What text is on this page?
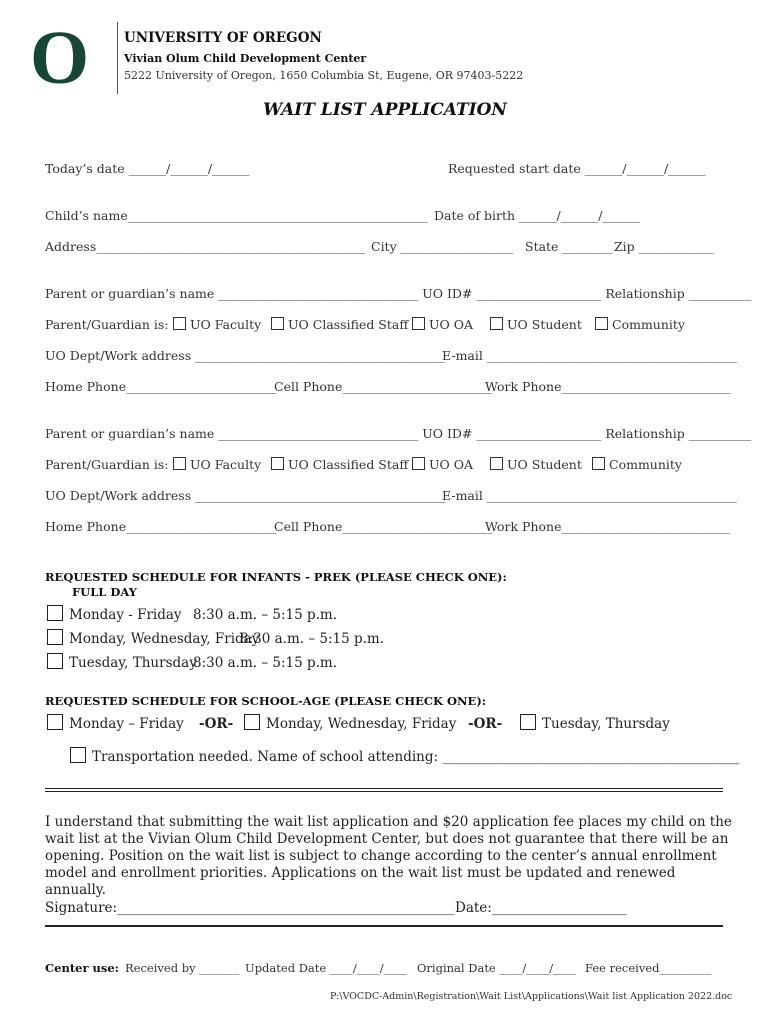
O	UNIVERSITY OF OREGON
Vivian Olum Child Development Center
5222 University of Oregon, 1650 Columbia St, Eugene, OR 97403-5222
WAIT LIST APPLICATION
Today’s date ______/______/______	Requested start date ______/______/______
Child’s name________________________________________________ Date of birth ______/______/______
Address___________________________________________ City __________________ State ________ Zip ____________
Parent or guardian’s name ________________________________ UO ID# ____________________ Relationship __________
Parent/Guardian is:	UO Faculty	UO Classified Staff	UO OA	UO Student	Community
UO Dept/Work address ________________________________________
E-mail ________________________________________
Home Phone________________________
Cell Phone________________________
Work Phone___________________________
Parent or guardian’s name ________________________________ UO ID# ____________________ Relationship __________
Parent/Guardian is:	UO Faculty	UO Classified Staff	UO OA	UO Student	Community
UO Dept/Work address ________________________________________
E-mail ________________________________________
Home Phone________________________
Cell Phone________________________
Work Phone___________________________
REQUESTED SCHEDULE FOR INFANTS - PREK (PLEASE CHECK ONE):
FULL DAY
Monday - Friday 8:30 a.m. – 5:15 p.m.
Monday, Wednesday, Friday
8:30 a.m. – 5:15 p.m.
Tuesday, Thursday
8:30 a.m. – 5:15 p.m.
REQUESTED SCHEDULE FOR SCHOOL-AGE (PLEASE CHECK ONE):
Monday – Friday -OR-	Monday, Wednesday, Friday -OR-	Tuesday, Thursday
Transportation needed. Name of school attending: ____________________________________________
I understand that submitting the wait list application and $20 application fee places my child on the wait list at the Vivian Olum Child Development Center, but does not guarantee that there will be an opening. Position on the wait list is subject to change according to the center’s annual enrollment model and enrollment priorities. Applications on the wait list must be updated and renewed annually.
Signature:__________________________________________________ Date:____________________
Center use: Received by _______ Updated Date ____/____/____ Original Date ____/____/____ Fee received_________
P:\VOCDC-Admin\Registration\Wait List\Applications\Wait list Application 2022.doc
